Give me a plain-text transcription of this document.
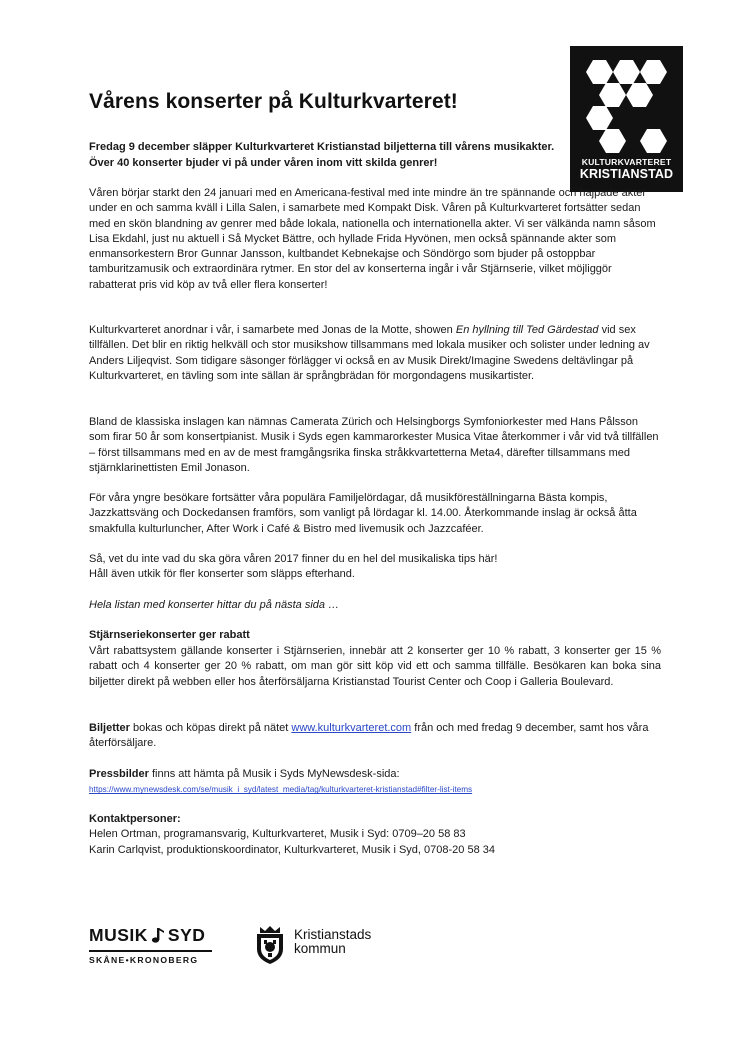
KULTURKVARTERET
KRISTIANSTAD
Vårens konserter på Kulturkvarteret!

Fredag 9 december släpper Kulturkvarteret Kristianstad biljetterna till vårens musikakter. Över 40 konserter bjuder vi på under våren inom vitt skilda genrer!

Våren börjar starkt den 24 januari med en Americana-festival med inte mindre än tre spännande och hajpade akter under en och samma kväll i Lilla Salen, i samarbete med Kompakt Disk. Våren på Kulturkvarteret fortsätter sedan med en skön blandning av genrer med både lokala, nationella och internationella akter. Vi ser välkända namn såsom Lisa Ekdahl, just nu aktuell i Så Mycket Bättre, och hyllade Frida Hyvönen, men också spännande akter som enmansorkestern Bror Gunnar Jansson, kultbandet Kebnekajse och Söndörgo som bjuder på ostoppbar tamburitzamusik och extraordinära rytmer. En stor del av konserterna ingår i vår Stjärnserie, vilket möjliggör rabatterat pris vid köp av två eller flera konserter!

Kulturkvarteret anordnar i vår, i samarbete med Jonas de la Motte, showen En hyllning till Ted Gärdestad vid sex tillfällen. Det blir en riktig helkväll och stor musikshow tillsammans med lokala musiker och solister under ledning av Anders Liljeqvist. Som tidigare säsonger förlägger vi också en av Musik Direkt/Imagine Swedens deltävlingar på Kulturkvarteret, en tävling som inte sällan är språngbrädan för morgondagens musikartister.

Bland de klassiska inslagen kan nämnas Camerata Zürich och Helsingborgs Symfoniorkester med Hans Pålsson som firar 50 år som konsertpianist. Musik i Syds egen kammarorkester Musica Vitae återkommer i vår vid två tillfällen – först tillsammans med en av de mest framgångsrika finska stråkkvartetterna Meta4, därefter tillsammans med stjärnklarinettisten Emil Jonason.

För våra yngre besökare fortsätter våra populära Familjelördagar, då musikföreställningarna Bästa kompis, Jazzkattsväng och Dockedansen framförs, som vanligt på lördagar kl. 14.00. Återkommande inslag är också åtta smakfulla kulturluncher, After Work i Café & Bistro med livemusik och Jazzcaféer.

Så, vet du inte vad du ska göra våren 2017 finner du en hel del musikaliska tips här!
Håll även utkik för fler konserter som släpps efterhand.

Hela listan med konserter hittar du på nästa sida …

Stjärnseriekonserter ger rabatt

Vårt rabattsystem gällande konserter i Stjärnserien, innebär att 2 konserter ger 10 % rabatt, 3 konserter ger 15 % rabatt och 4 konserter ger 20 % rabatt, om man gör sitt köp vid ett och samma tillfälle. Besökaren kan boka sina biljetter direkt på webben eller hos återförsäljarna Kristianstad Tourist Center och Coop i Galleria Boulevard.

Biljetter bokas och köpas direkt på nätet www.kulturkvarteret.com från och med fredag 9 december, samt hos våra återförsäljare.

Pressbilder finns att hämta på Musik i Syds MyNewsdesk-sida:
https://www.mynewsdesk.com/se/musik_i_syd/latest_media/tag/kulturkvarteret-kristianstad#filter-list-items

Kontaktpersoner:
Helen Ortman, programansvarig, Kulturkvarteret, Musik i Syd: 0709–20 58 83
Karin Carlqvist, produktionskoordinator, Kulturkvarteret, Musik i Syd, 0708-20 58 34

MUSIK SYD
SKÅNE•KRONOBERG
Kristianstads
kommun
